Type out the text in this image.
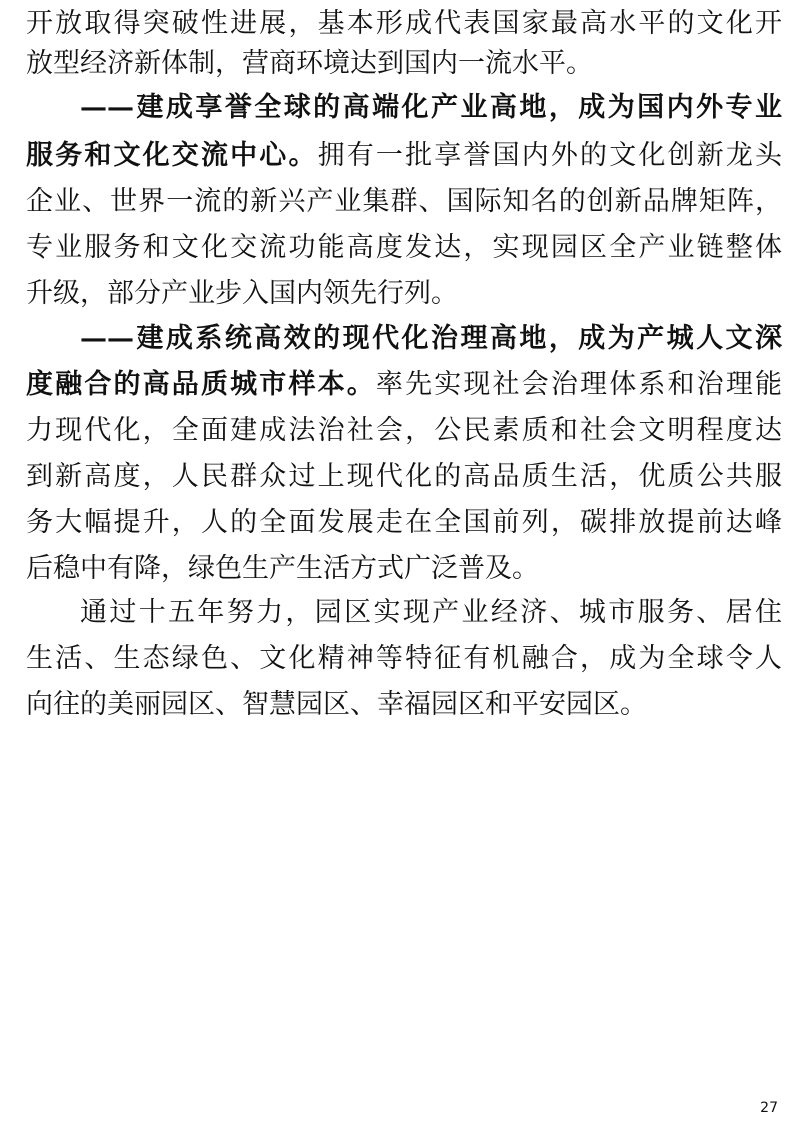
开放取得突破性进展，基本形成代表国家最高水平的文化开
放型经济新体制，营商环境达到国内一流水平。
——建成享誉全球的高端化产业高地，成为国内外专业
服务和文化交流中心。拥有一批享誉国内外的文化创新龙头
企业、世界一流的新兴产业集群、国际知名的创新品牌矩阵，
专业服务和文化交流功能高度发达，实现园区全产业链整体
升级，部分产业步入国内领先行列。
——建成系统高效的现代化治理高地，成为产城人文深
度融合的高品质城市样本。率先实现社会治理体系和治理能
力现代化，全面建成法治社会，公民素质和社会文明程度达
到新高度，人民群众过上现代化的高品质生活，优质公共服
务大幅提升，人的全面发展走在全国前列，碳排放提前达峰
后稳中有降，绿色生产生活方式广泛普及。
通过十五年努力，园区实现产业经济、城市服务、居住
生活、生态绿色、文化精神等特征有机融合，成为全球令人
向往的美丽园区、智慧园区、幸福园区和平安园区。
27
